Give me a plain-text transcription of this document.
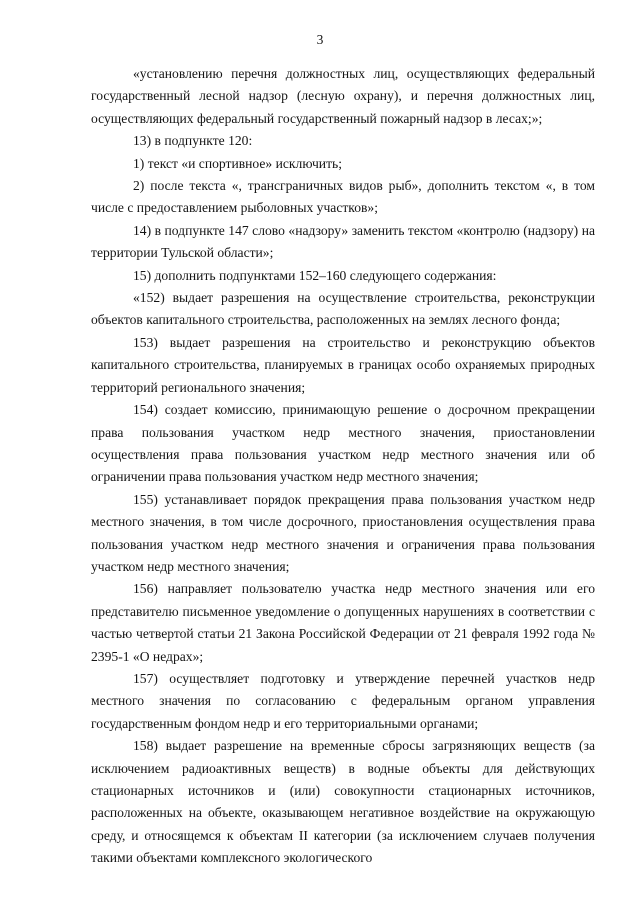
3

«установлению перечня должностных лиц, осуществляющих федеральный государственный лесной надзор (лесную охрану), и перечня должностных лиц, осуществляющих федеральный государственный пожарный надзор в лесах;»;

13) в подпункте 120:

1) текст «и спортивное» исключить;

2) после текста «, трансграничных видов рыб», дополнить текстом «, в том числе с предоставлением рыболовных участков»;

14) в подпункте 147 слово «надзору» заменить текстом «контролю (надзору) на территории Тульской области»;

15) дополнить подпунктами 152–160 следующего содержания:

«152) выдает разрешения на осуществление строительства, реконструкции объектов капитального строительства, расположенных на землях лесного фонда;

153) выдает разрешения на строительство и реконструкцию объектов капитального строительства, планируемых в границах особо охраняемых природных территорий регионального значения;

154) создает комиссию, принимающую решение о досрочном прекращении права пользования участком недр местного значения, приостановлении осуществления права пользования участком недр местного значения или об ограничении права пользования участком недр местного значения;

155) устанавливает порядок прекращения права пользования участком недр местного значения, в том числе досрочного, приостановления осуществления права пользования участком недр местного значения и ограничения права пользования участком недр местного значения;

156) направляет пользователю участка недр местного значения или его представителю письменное уведомление о допущенных нарушениях в соответствии с частью четвертой статьи 21 Закона Российской Федерации от 21 февраля 1992 года № 2395-1 «О недрах»;

157) осуществляет подготовку и утверждение перечней участков недр местного значения по согласованию с федеральным органом управления государственным фондом недр и его территориальными органами;

158) выдает разрешение на временные сбросы загрязняющих веществ (за исключением радиоактивных веществ) в водные объекты для действующих стационарных источников и (или) совокупности стационарных источников, расположенных на объекте, оказывающем негативное воздействие на окружающую среду, и относящемся к объектам II категории (за исключением случаев получения такими объектами комплексного экологического
